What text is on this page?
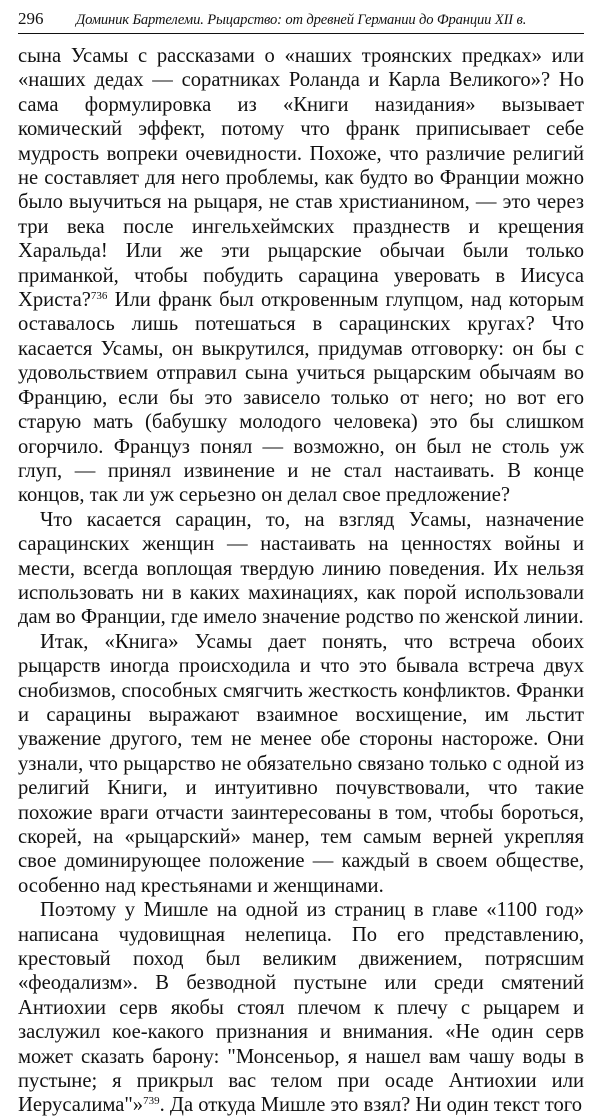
296	Доминик Бартелеми. Рыцарство: от древней Германии до Франции XII в.

сына Усамы с рассказами о «наших троянских предках» или «наших дедах — соратниках Роланда и Карла Великого»? Но сама формулировка из «Книги назидания» вызывает комический эффект, потому что франк приписывает себе мудрость вопреки очевидности. Похоже, что различие религий не составляет для него проблемы, как будто во Франции можно было выучиться на рыцаря, не став христианином, — это через три века после ингельхеймских празднеств и крещения Харальда! Или же эти рыцарские обычаи были только приманкой, чтобы побудить сарацина уверовать в Иисуса Христа?$^{736}$ Или франк был откровенным глупцом, над которым оставалось лишь потешаться в сарацинских кругах? Что касается Усамы, он выкрутился, придумав отговорку: он бы с удовольствием отправил сына учиться рыцарским обычаям во Францию, если бы это зависело только от него; но вот его старую мать (бабушку молодого человека) это бы слишком огорчило. Француз понял — возможно, он был не столь уж глуп, — принял извинение и не стал настаивать. В конце концов, так ли уж серьезно он делал свое предложение?

Что касается сарацин, то, на взгляд Усамы, назначение сарацинских женщин — настаивать на ценностях войны и мести, всегда воплощая твердую линию поведения. Их нельзя использовать ни в каких махинациях, как порой использовали дам во Франции, где имело значение родство по женской линии.

Итак, «Книга» Усамы дает понять, что встреча обоих рыцарств иногда происходила и что это бывала встреча двух снобизмов, способных смягчить жесткость конфликтов. Франки и сарацины выражают взаимное восхищение, им льстит уважение другого, тем не менее обе стороны настороже. Они узнали, что рыцарство не обязательно связано только с одной из религий Книги, и интуитивно почувствовали, что такие похожие враги отчасти заинтересованы в том, чтобы бороться, скорей, на «рыцарский» манер, тем самым верней укрепляя свое доминирующее положение — каждый в своем обществе, особенно над крестьянами и женщинами.

Поэтому у Мишле на одной из страниц в главе «1100 год» написана чудовищная нелепица. По его представлению, крестовый поход был великим движением, потрясшим «феодализм». В безводной пустыне или среди смятений Антиохии серв якобы стоял плечом к плечу с рыцарем и заслужил кое-какого признания и внимания. «Не один серв может сказать барону: "Монсеньор, я нашел вам чашу воды в пустыне; я прикрыл вас телом при осаде Антиохии или Иерусалима"»$^{739}$. Да откуда Мишле это взял? Ни один текст того
